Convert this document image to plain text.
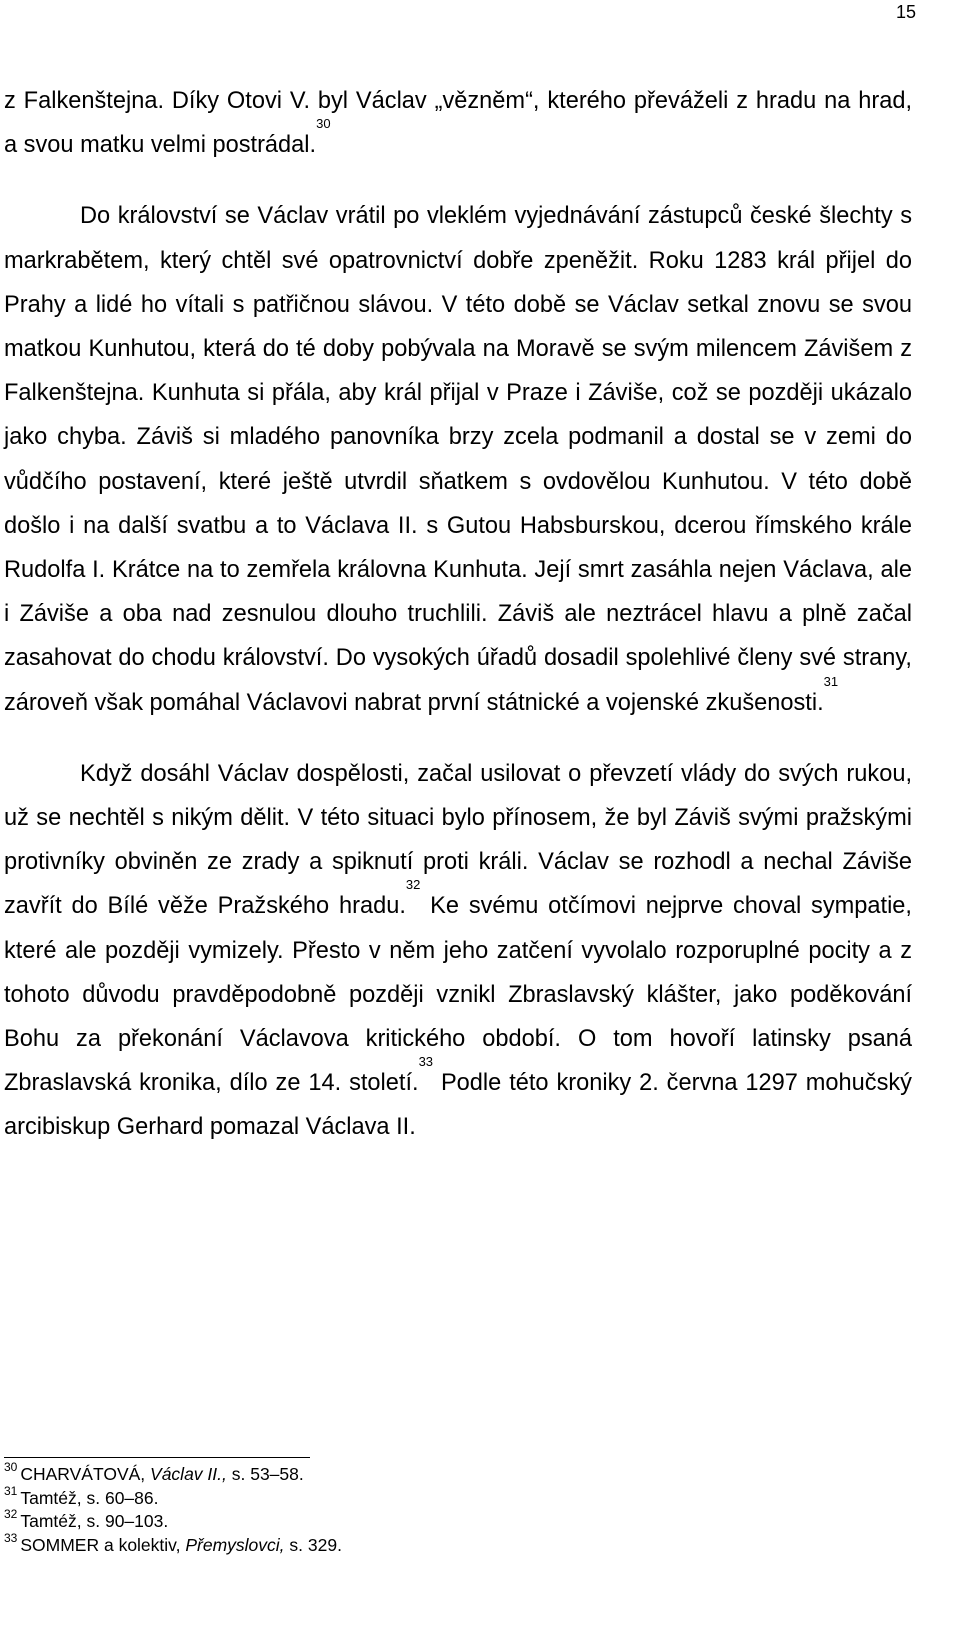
15

z Falkenštejna. Díky Otovi V. byl Václav „vězněm“, kterého převáželi z hradu na hrad, a svou matku velmi postrádal.$^{30}$

Do království se Václav vrátil po vleklém vyjednávání zástupců české šlechty s markrabětem, který chtěl své opatrovnictví dobře zpeněžit. Roku 1283 král přijel do Prahy a lidé ho vítali s patřičnou slávou. V této době se Václav setkal znovu se svou matkou Kunhutou, která do té doby pobývala na Moravě se svým milencem Závišem z Falkenštejna. Kunhuta si přála, aby král přijal v Praze i Záviše, což se později ukázalo jako chyba. Záviš si mladého panovníka brzy zcela podmanil a dostal se v zemi do vůdčího postavení, které ještě utvrdil sňatkem s ovdovělou Kunhutou. V této době došlo i na další svatbu a to Václava II. s Gutou Habsburskou, dcerou římského krále Rudolfa I. Krátce na to zemřela královna Kunhuta. Její smrt zasáhla nejen Václava, ale i Záviše a oba nad zesnulou dlouho truchlili. Záviš ale neztrácel hlavu a plně začal zasahovat do chodu království. Do vysokých úřadů dosadil spolehlivé členy své strany, zároveň však pomáhal Václavovi nabrat první státnické a vojenské zkušenosti.$^{31}$

Když dosáhl Václav dospělosti, začal usilovat o převzetí vlády do svých rukou, už se nechtěl s nikým dělit. V této situaci bylo přínosem, že byl Záviš svými pražskými protivníky obviněn ze zrady a spiknutí proti králi. Václav se rozhodl a nechal Záviše zavřít do Bílé věže Pražského hradu.$^{32}$ Ke svému otčímovi nejprve choval sympatie, které ale později vymizely. Přesto v něm jeho zatčení vyvolalo rozporuplné pocity a z tohoto důvodu pravděpodobně později vznikl Zbraslavský klášter, jako poděkování Bohu za překonání Václavova kritického období. O tom hovoří latinsky psaná Zbraslavská kronika, dílo ze 14. století.$^{33}$ Podle této kroniky 2. června 1297 mohučský arcibiskup Gerhard pomazal Václava II.

$^{30}$ CHARVÁTOVÁ, Václav II., s. 53–58.
$^{31}$ Tamtéž, s. 60–86.
$^{32}$ Tamtéž, s. 90–103.
$^{33}$ SOMMER a kolektiv, Přemyslovci, s. 329.
